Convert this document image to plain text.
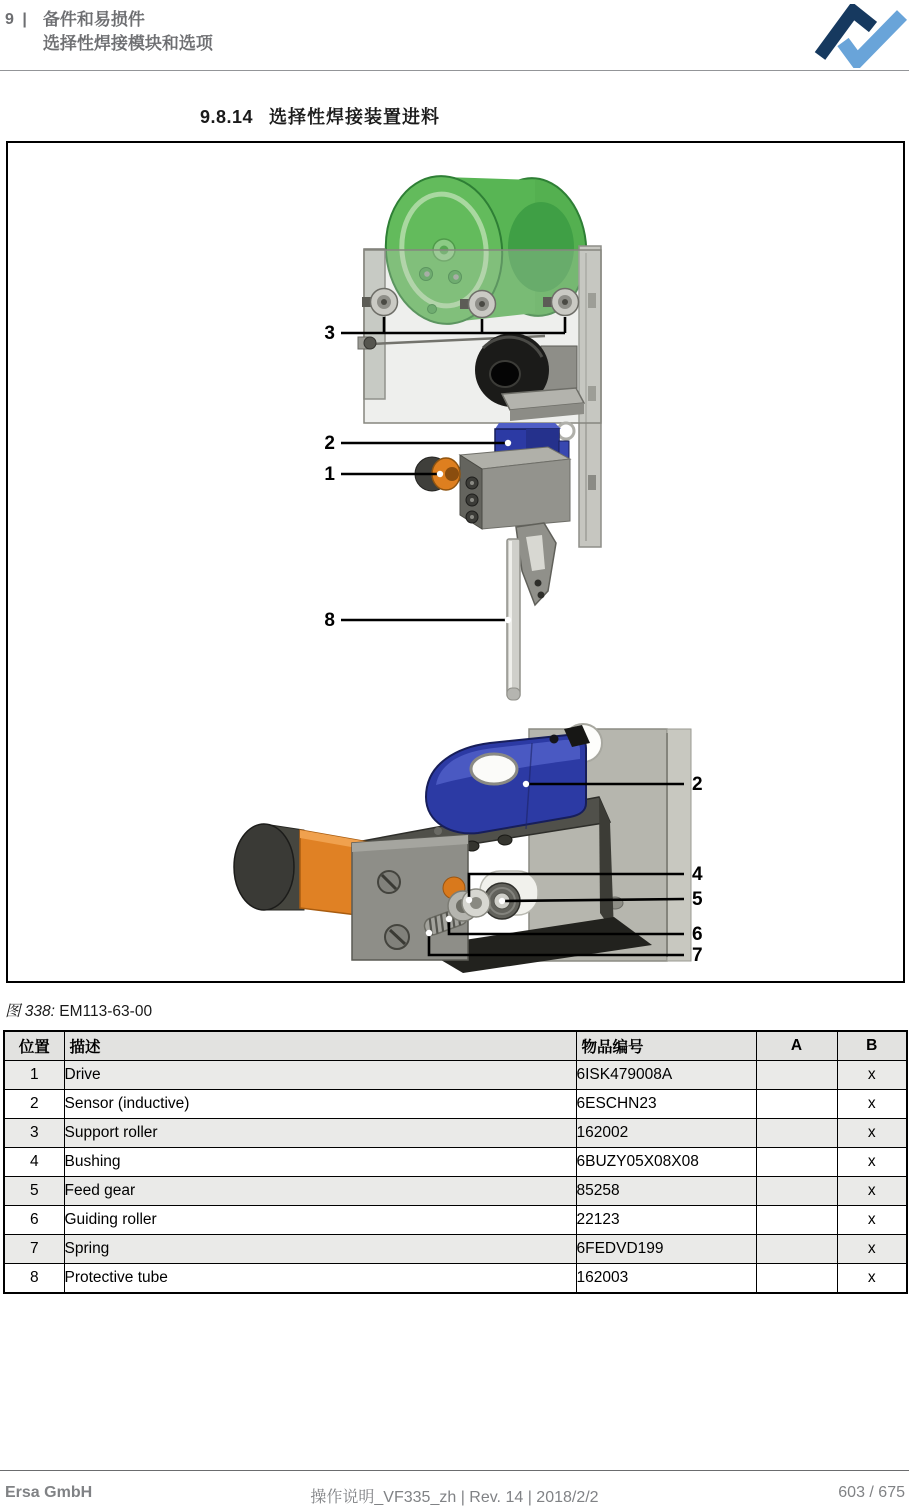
9 | 备件和易损件
选择性焊接模块和选项
9.8.14 选择性焊接装置进料
3
2
1
8
2
4
5
6
7
图 338: EM113-63-00
位置	描述	物品编号	A	B
1	Drive	6ISK479008A		x
2	Sensor (inductive)	6ESCHN23		x
3	Support roller	162002		x
4	Bushing	6BUZY05X08X08		x
5	Feed gear	85258		x
6	Guiding roller	22123		x
7	Spring	6FEDVD199		x
8	Protective tube	162003		x
Ersa GmbH	操作说明_VF335_zh | Rev. 14 | 2018/2/2	603 / 675
